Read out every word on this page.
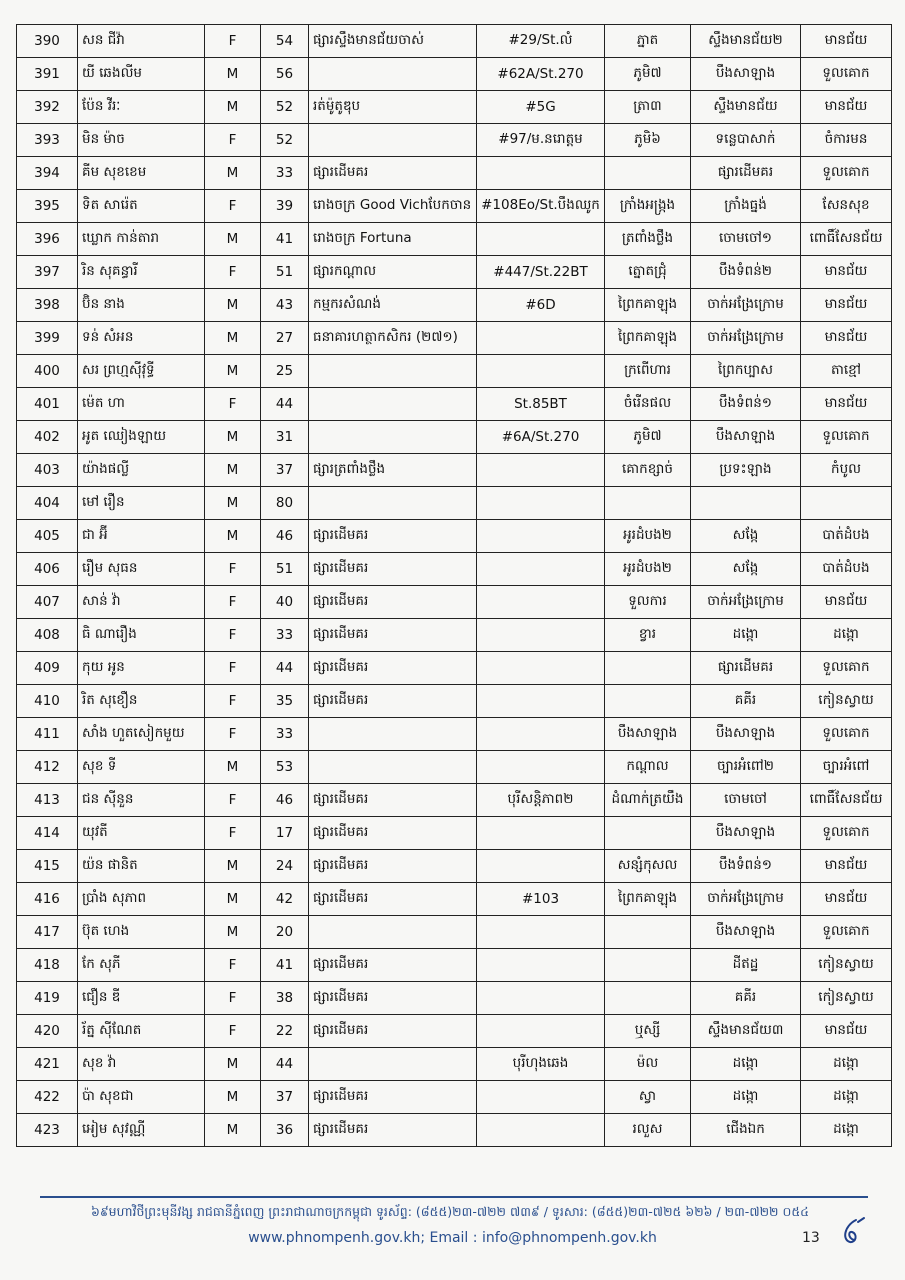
390	សន ជីវ៉ា	F	54	ផ្សារស្ទឹងមានជ័យចាស់	#29/St.លំ	ភ្នាត	ស្ទឹងមានជ័យ២	មានជ័យ
391	យី ឆេងលីម	M	56		#62A/St.270	ភូមិ៧	បឹងសាឡាង	ទួលគោក
392	ប៉ែន វីរៈ	M	52	រត់ម៉ូតូឌុប	#5G	ត្រា៣	ស្ទឹងមានជ័យ	មានជ័យ
393	មិន ម៉ាច	F	52		#97/ម.នរោត្តម	ភូមិ៦	ទន្លេបាសាក់	ចំការមន
394	គីម សុខខេម	M	33	ផ្សារដើមគរ			ផ្សារដើមគរ	ទួលគោក
395	ទិត សារ៉េត	F	39	រោងចក្រ Good Vichបែកចាន	#108Eo/St.បឹងឈូក	ក្រាំងអង្រ្កង	ក្រាំងធ្នង់	សែនសុខ
396	ឃ្លោក កាន់តារា	M	41	រោងចក្រ Fortuna		ត្រពាំងថ្លឹង	ចោមចៅ១	ពោធិ៍សែនជ័យ
397	រិន សុគន្ធារី	F	51	ផ្សារកណ្តាល	#447/St.22BT	ត្នោតជ្រុំ	បឹងទំពន់២	មានជ័យ
398	ប៊ិន នាង	M	43	កម្មករសំណង់	#6D	ព្រៃកគាឡុង	ចាក់អង្រែក្រោម	មានជ័យ
399	ទន់ សំអន	M	27	ធនាគារហត្ថាកសិករ (២៧១)		ព្រៃកគាឡុង	ចាក់អង្រែក្រោម	មានជ័យ
400	សរ ព្រហ្មស៊ីវុទ្ធី	M	25			ក្រពើហារ	ព្រៃកប្បាស	តាខ្មៅ
401	ម៉េត ហា	F	44		St.85BT	ចំរើនផល	បឹងទំពន់១	មានជ័យ
402	អូត ឈៀងឡាយ	M	31		#6A/St.270	ភូមិ៧	បឹងសាឡាង	ទួលគោក
403	យ៉ាងផល្លី	M	37	ផ្សារត្រពាំងថ្លឹង		គោកខ្សាច់	ប្រទះឡាង	កំបូល
404	មៅ រឿន	M	80					
405	ជា អ៊ី	M	46	ផ្សារដើមគរ		អូរដំបង២	សង្កែ	បាត់ដំបង
406	រឿម សុធន	F	51	ផ្សារដើមគរ		អូរដំបង២	សង្កែ	បាត់ដំបង
407	សាន់ វ៉ា	F	40	ផ្សារដើមគរ		ទួលការ	ចាក់អង្រែក្រោម	មានជ័យ
408	ធិ ណារឿង	F	33	ផ្សារដើមគរ		ខ្វារ	ដង្កោ	ដង្កោ
409	កុយ អូន	F	44	ផ្សារដើមគរ			ផ្សារដើមគរ	ទួលគោក
410	រិត សុខឿន	F	35	ផ្សារដើមគរ			គគីរ	កៀនស្វាយ
411	សាំង ហួតសៀកមួយ	F	33			បឹងសាឡាង	បឹងសាឡាង	ទួលគោក
412	សុខ ទី	M	53			កណ្តាល	ច្បារអំពៅ២	ច្បារអំពៅ
413	ជន ស៊ីនួន	F	46	ផ្សារដើមគរ	បុរីសន្តិភាព២	ដំណាក់ត្រយឹង	ចោមចៅ	ពោធិ៍សែនជ័យ
414	យុវតី	F	17	ផ្សារដើមគរ			បឹងសាឡាង	ទួលគោក
415	យ៉ន ផានិត	M	24	ផ្សារដើមគរ		សន្សំកុសល	បឹងទំពន់១	មានជ័យ
416	ប្រាំង សុភាព	M	42	ផ្សារដើមគរ	#103	ព្រៃកគាឡុង	ចាក់អង្រែក្រោម	មានជ័យ
417	ប៊ុត ហេង	M	20				បឹងសាឡាង	ទួលគោក
418	កែ សុភី	F	41	ផ្សារដើមគរ			ដីឥដ្ឋ	កៀនស្វាយ
419	ជឿន ឌី	F	38	ផ្សារដើមគរ			គគីរ	កៀនស្វាយ
420	រ័ត្ន ស៊ីណែត	F	22	ផ្សារដើមគរ		ឬស្សី	ស្ទឹងមានជ័យ៣	មានជ័យ
421	សុខ វ៉ា	M	44		បុរីហុងឆេង	ម៉ល	ដង្កោ	ដង្កោ
422	ប៉ា សុខជា	M	37	ផ្សារដើមគរ		ស្វា	ដង្កោ	ដង្កោ
423	អៀម សុវណ្ណី	M	36	ផ្សារដើមគរ		រលួស	ជើងឯក	ដង្កោ
៦៩មហាវិថីព្រះមុនីវង្ស រាជធានីភ្នំពេញ ព្រះរាជាណាចក្រកម្ពុជា ទូរស័ព្ទ: (៨៥៥)២៣-៧២២ ៧៣៩ / ទូរសារ: (៨៥៥)២៣-៧២៥ ៦២៦ / ២៣-៧២២ ០៥៤
www.phnompenh.gov.kh; Email : info@phnompenh.gov.kh	13
